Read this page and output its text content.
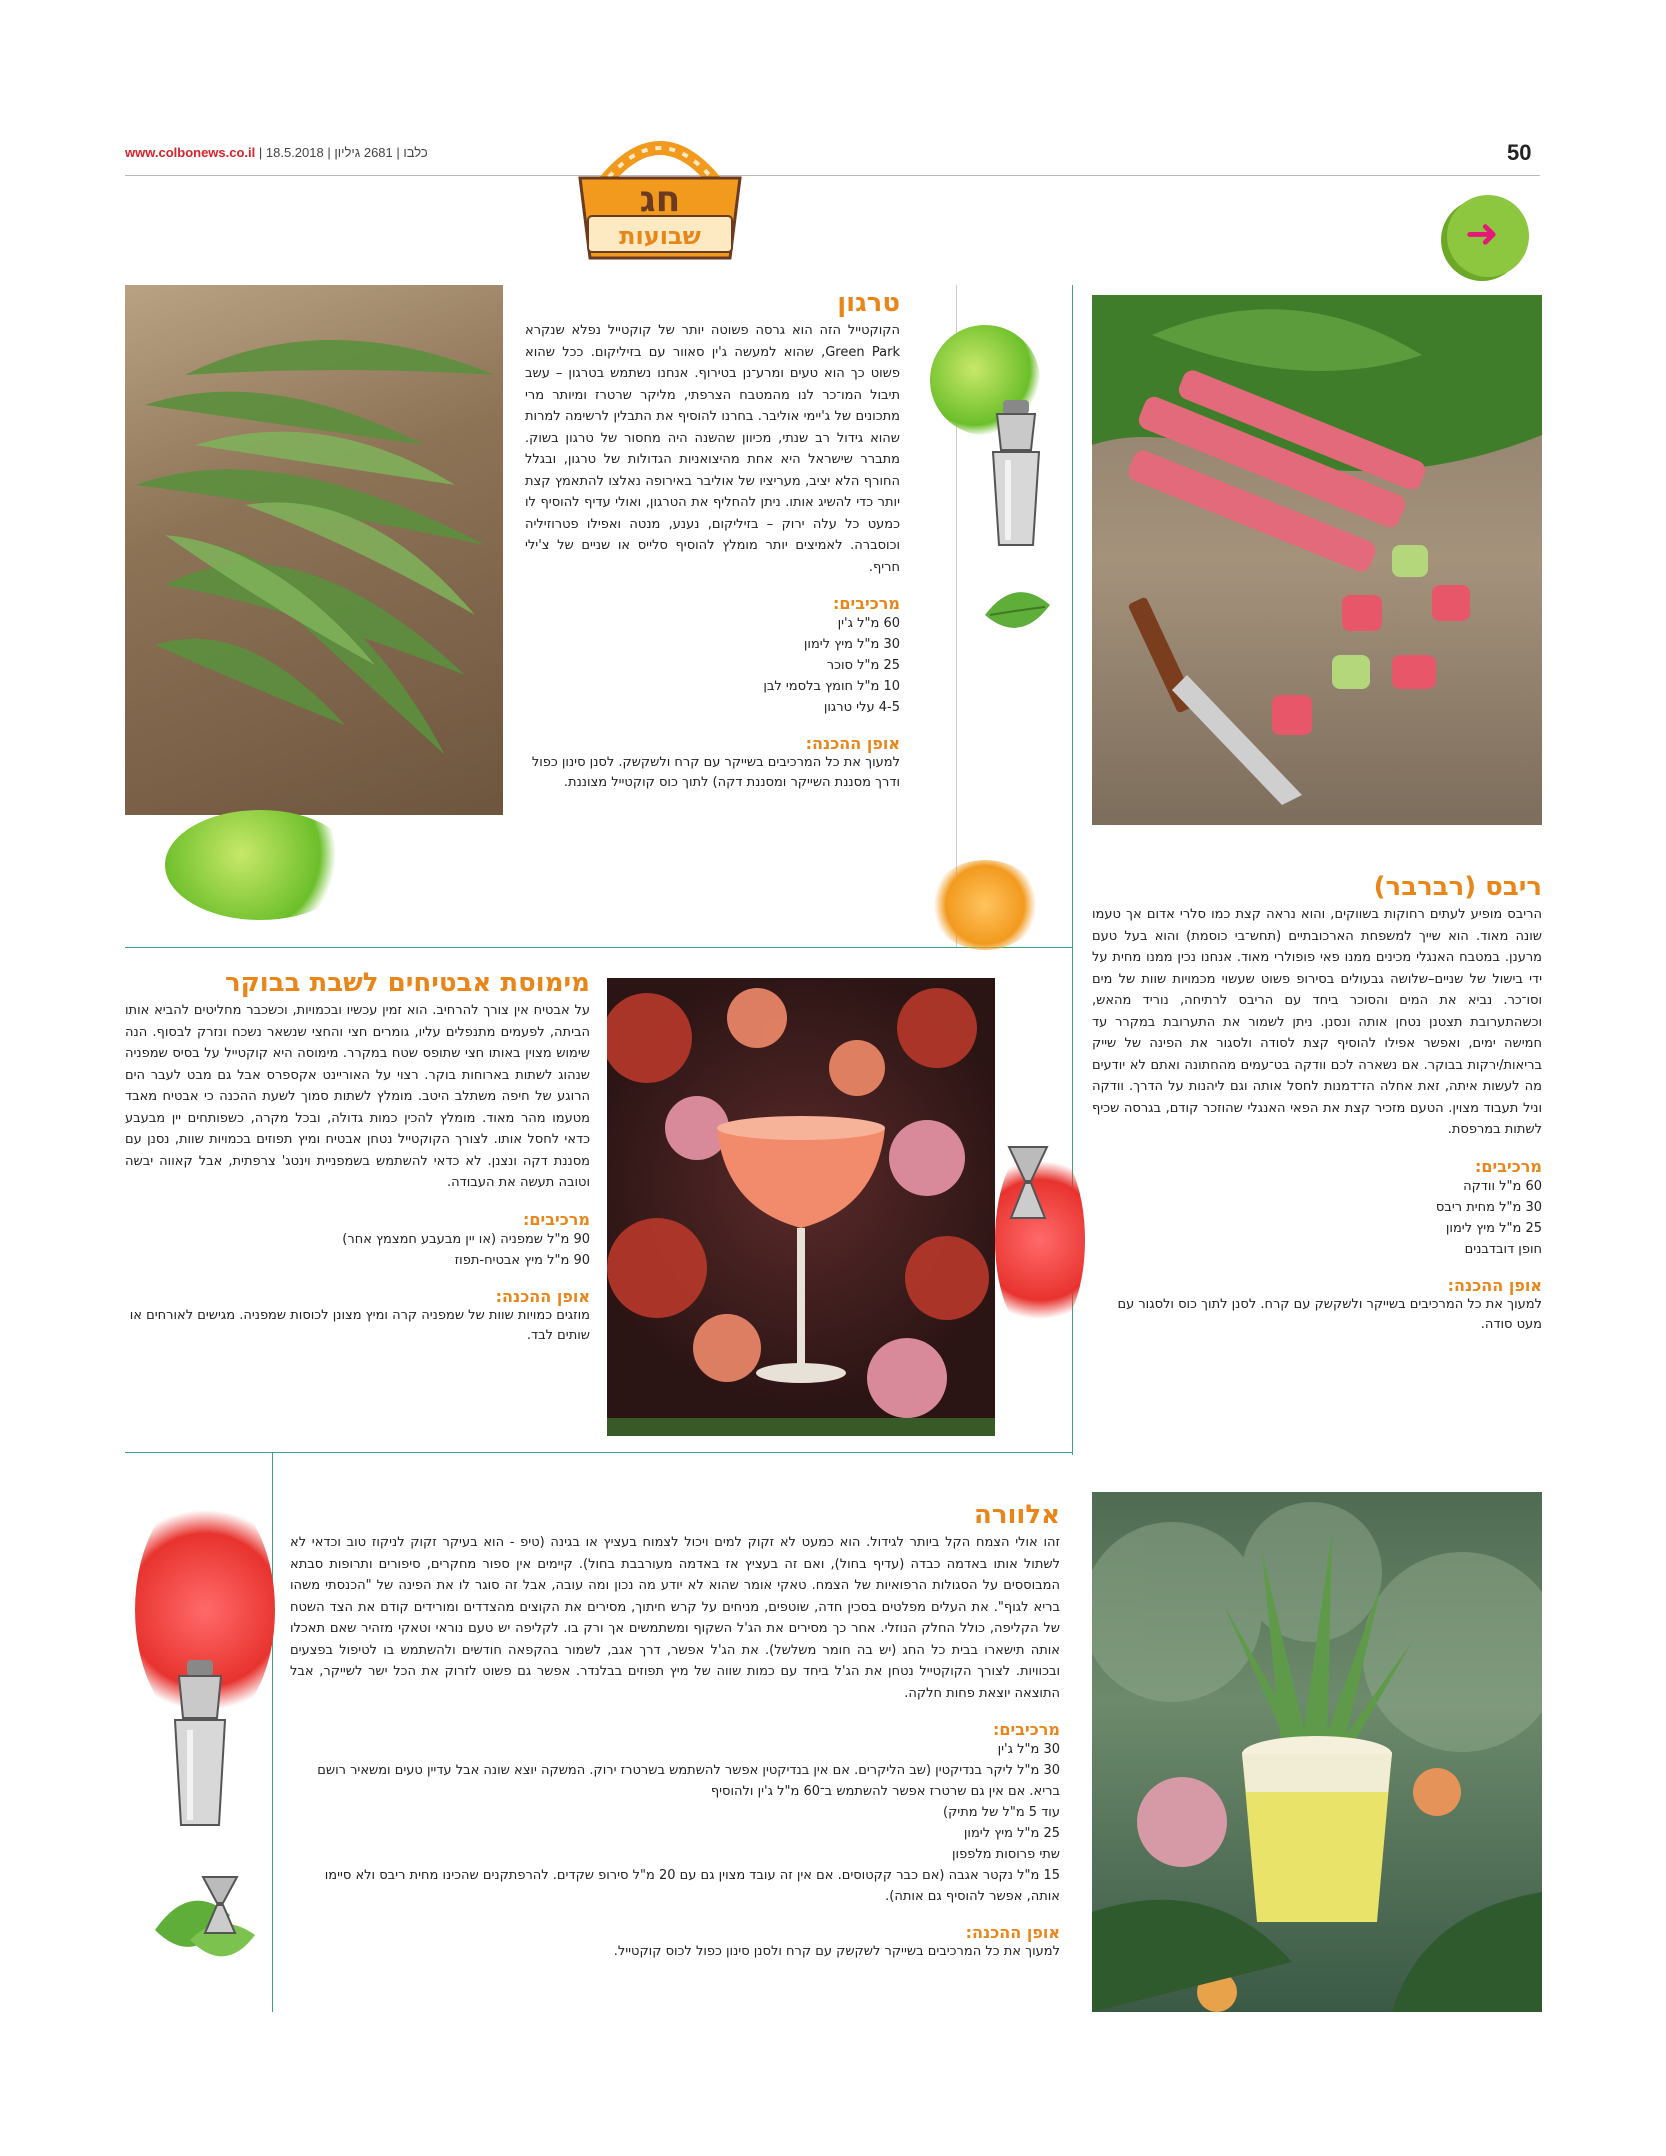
www.colbonews.co.il | כלבו | 2681 גיליון | 18.5.2018	50
חג
שבועות	➜
טרגון
הקוקטייל הזה הוא גרסה פשוטה יותר של קוקטייל נפלא שנקרא Green Park, שהוא למעשה ג'ין סאוור עם בזיליקום. ככל שהוא פשוט כך הוא טעים ומרע־נן בטירוף. אנחנו נשתמש בטרגון – עשב תיבול המו־כר לנו מהמטבח הצרפתי, מליקר שרטרז ומיותר מרי מתכונים של ג'יימי אוליבר. בחרנו להוסיף את התבלין לרשימה למרות שהוא גידול רב שנתי, מכיוון שהשנה היה מחסור של טרגון בשוק. מתברר שישראל היא אחת מהיצואניות הגדולות של טרגון, ובגלל החורף הלא יציב, מעריציו של אוליבר באירופה נאלצו להתאמץ קצת יותר כדי להשיג אותו. ניתן להחליף את הטרגון, ואולי עדיף להוסיף לו כמעט כל עלה ירוק – בזיליקום, נענע, מנטה ואפילו פטרוזיליה וכוסברה. לאמיצים יותר מומלץ להוסיף סלייס או שניים של צ'ילי חריף.
מרכיבים:
60 מ"ל ג'ין
30 מ"ל מיץ לימון
25 מ"ל סוכר
10 מ"ל חומץ בלסמי לבן
4-5 עלי טרגון
אופן ההכנה:
למעוך את כל המרכיבים בשייקר עם קרח ולשקשק. לסנן סינון כפול ודרך מסננת השייקר ומסננת דקה) לתוך כוס קוקטייל מצוננת.
ריבס (רברבר)
הריבס מופיע לעתים רחוקות בשווקים, והוא נראה קצת כמו סלרי אדום אך טעמו שונה מאוד. הוא שייך למשפחת הארכובתיים (תחש־בי כוסמת) והוא בעל טעם מרענן. במטבח האנגלי מכינים ממנו פאי פופולרי מאוד. אנחנו נכין ממנו מחית על ידי בישול של שניים–שלושה גבעולים בסירופ פשוט שעשוי מכמויות שוות של מים וסו־כר. נביא את המים והסוכר ביחד עם הריבס לרתיחה, נוריד מהאש, וכשהתערובת תצטנן נטחן אותה ונסנן. ניתן לשמור את התערובת במקרר עד חמישה ימים, ואפשר אפילו להוסיף קצת לסודה ולסגור את הפינה של שייק בריאות/ירקות בבוקר. אם נשארה לכם וודקה בט־עמים מהחתונה ואתם לא יודעים מה לעשות איתה, זאת אחלה הז־דמנות לחסל אותה וגם ליהנות על הדרך. וודקה וניל תעבוד מצוין. הטעם מזכיר קצת את הפאי האנגלי שהוזכר קודם, בגרסה שכיף לשתות במרפסת.
מרכיבים:
60 מ"ל וודקה
30 מ"ל מחית ריבס
25 מ"ל מיץ לימון
חופן דובדבנים
אופן ההכנה:
למעוך את כל המרכיבים בשייקר ולשקשק עם קרח. לסנן לתוך כוס ולסגור עם מעט סודה.
מימוסת אבטיחים לשבת בבוקר
על אבטיח אין צורך להרחיב. הוא זמין עכשיו ובכמויות, וכשכבר מחליטים להביא אותו הביתה, לפעמים מתנפלים עליו, גומרים חצי והחצי שנשאר נשכח ונזרק לבסוף. הנה שימוש מצוין באותו חצי שתופס שטח במקרר. מימוסה היא קוקטייל על בסיס שמפניה שנהוג לשתות בארוחות בוקר. רצוי על האוריינט אקספרס אבל גם מבט לעבר הים הרוגע של חיפה משתלב היטב. מומלץ לשתות סמוך לשעת ההכנה כי אבטיח מאבד מטעמו מהר מאוד. מומלץ להכין כמות גדולה, ובכל מקרה, כשפותחים יין מבעבע כדאי לחסל אותו. לצורך הקוקטייל נטחן אבטיח ומיץ תפוזים בכמויות שוות, נסנן עם מסננת דקה ונצנן. לא כדאי להשתמש בשמפניית וינטג' צרפתית, אבל קאווה יבשה וטובה תעשה את העבודה.
מרכיבים:
90 מ"ל שמפניה (או יין מבעבע חמצמץ אחר)
90 מ"ל מיץ אבטיח-תפוז
אופן ההכנה:
מוזגים כמויות שוות של שמפניה קרה ומיץ מצונן לכוסות שמפניה. מגישים לאורחים או שותים לבד.
אלוורה
זהו אולי הצמח הקל ביותר לגידול. הוא כמעט לא זקוק למים ויכול לצמוח בעציץ או בגינה (טיפ - הוא בעיקר זקוק לניקוז טוב וכדאי לא לשתול אותו באדמה כבדה (עדיף בחול), ואם זה בעציץ אז באדמה מעורבבת בחול). קיימים אין ספור מחקרים, סיפורים ותרופות סבתא המבוססים על הסגולות הרפואיות של הצמח. טאקי אומר שהוא לא יודע מה נכון ומה עובה, אבל זה סוגר לו את הפינה של "הכנסתי משהו בריא לגוף". את העלים מפלטים בסכין חדה, שוטפים, מניחים על קרש חיתוך, מסירים את הקוצים מהצדדים ומורידים קודם את הצד השטח של הקליפה, כולל החלק הנוזלי. אחר כך מסירים את הג'ל השקוף ומשתמשים אך ורק בו. לקליפה יש טעם נוראי וטאקי מזהיר שאם תאכלו אותה תישארו בבית כל החג (יש בה חומר משלשל). את הג'ל אפשר, דרך אגב, לשמור בהקפאה חודשים ולהשתמש בו לטיפול בפצעים ובכוויות. לצורך הקוקטייל נטחן את הג'ל ביחד עם כמות שווה של מיץ תפוזים בבלנדר. אפשר גם פשוט לזרוק את הכל ישר לשייקר, אבל התוצאה יוצאת פחות חלקה.
מרכיבים:
30 מ"ל ג'ין
30 מ"ל ליקר בנדיקטין (שב הליקרים. אם אין בנדיקטין אפשר להשתמש בשרטרז ירוק. המשקה יוצא שונה אבל עדיין טעים ומשאיר רושם בריא. אם אין גם שרטרז אפשר להשתמש ב־60 מ"ל ג'ין ולהוסיף
עוד 5 מ"ל של מתיק)
25 מ"ל מיץ לימון
שתי פרוסות מלפפון
15 מ"ל נקטר אגבה (אם כבר קקטוסים. אם אין זה עובד מצוין גם עם 20 מ"ל סירופ שקדים. להרפתקנים שהכינו מחית ריבס ולא סיימו אותה, אפשר להוסיף גם אותה).
אופן ההכנה:
למעוך את כל המרכיבים בשייקר לשקשק עם קרח ולסנן סינון כפול לכוס קוקטייל.
